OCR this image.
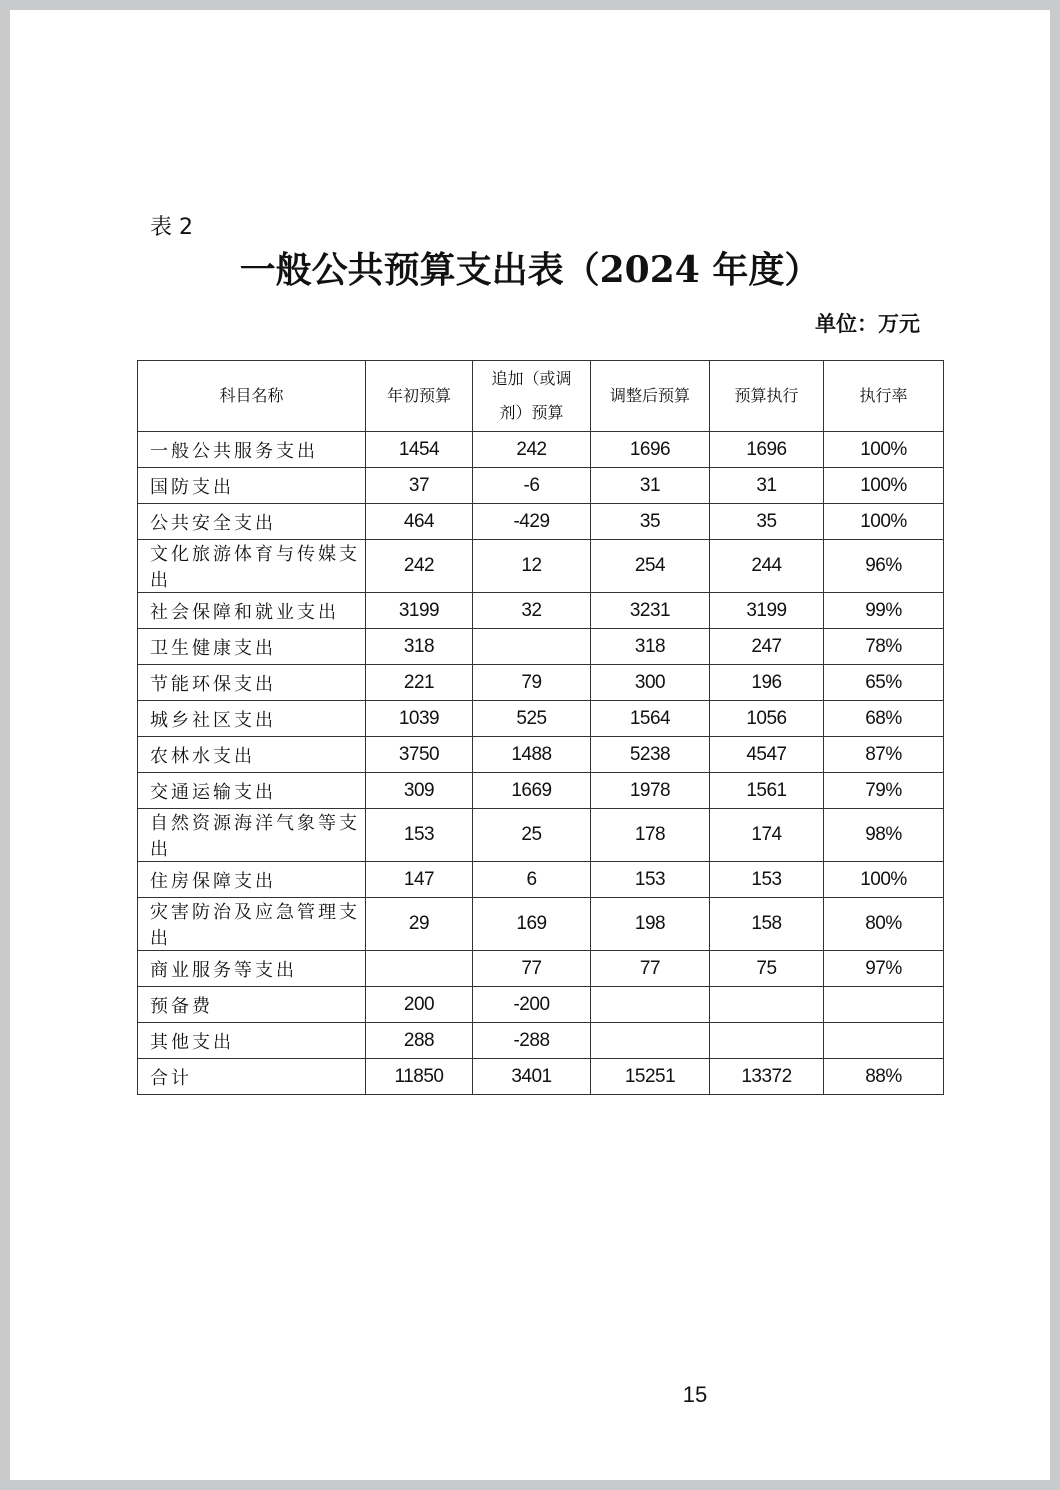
表 2
一般公共预算支出表（2024 年度）
单位：万元
科目名称	年初预算	追加（或调剂）预算	调整后预算	预算执行	执行率
一般公共服务支出	1454	242	1696	1696	100%
国防支出	37	-6	31	31	100%
公共安全支出	464	-429	35	35	100%
文化旅游体育与传媒支出	242	12	254	244	96%
社会保障和就业支出	3199	32	3231	3199	99%
卫生健康支出	318		318	247	78%
节能环保支出	221	79	300	196	65%
城乡社区支出	1039	525	1564	1056	68%
农林水支出	3750	1488	5238	4547	87%
交通运输支出	309	1669	1978	1561	79%
自然资源海洋气象等支出	153	25	178	174	98%
住房保障支出	147	6	153	153	100%
灾害防治及应急管理支出	29	169	198	158	80%
商业服务等支出		77	77	75	97%
预备费	200	-200			
其他支出	288	-288			
合计	11850	3401	15251	13372	88%
15
